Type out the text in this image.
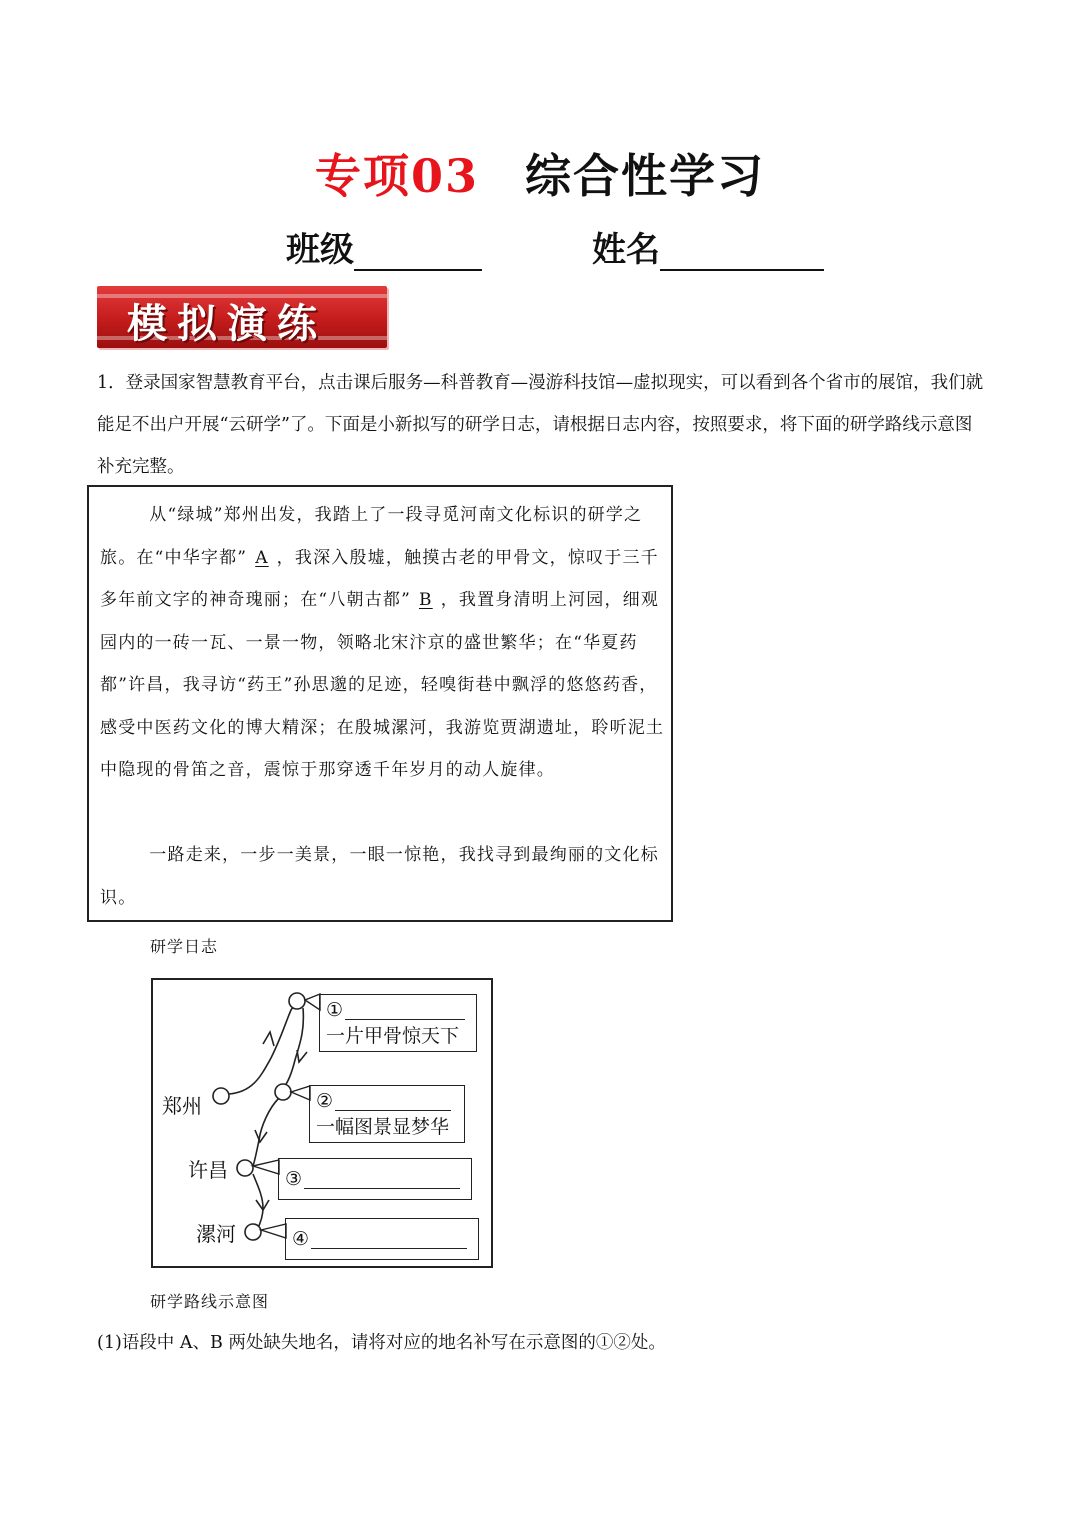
专项03 综合性学习
班级	姓名
模拟演练
1．登录国家智慧教育平台，点击课后服务—科普教育—漫游科技馆—虚拟现实，可以看到各个省市的展馆，我们就能足不出户开展“云研学”了。下面是小新拟写的研学日志，请根据日志内容，按照要求，将下面的研学路线示意图补充完整。
从“绿城”郑州出发，我踏上了一段寻觅河南文化标识的研学之旅。在“中华字都” A ，我深入殷墟，触摸古老的甲骨文，惊叹于三千多年前文字的神奇瑰丽；在“八朝古都” B ，我置身清明上河园，细观园内的一砖一瓦、一景一物，领略北宋汴京的盛世繁华；在“华夏药都”许昌，我寻访“药王”孙思邈的足迹，轻嗅街巷中飘浮的悠悠药香，感受中医药文化的博大精深；在殷城漯河，我游览贾湖遗址，聆听泥土中隐现的骨笛之音，震惊于那穿透千年岁月的动人旋律。
一路走来，一步一美景，一眼一惊艳，我找寻到最绚丽的文化标识。
研学日志
郑州
许昌
漯河
①
一片甲骨惊天下
②
一幅图景显梦华
③
④
研学路线示意图
(1)语段中 A、B 两处缺失地名，请将对应的地名补写在示意图的①②处。
